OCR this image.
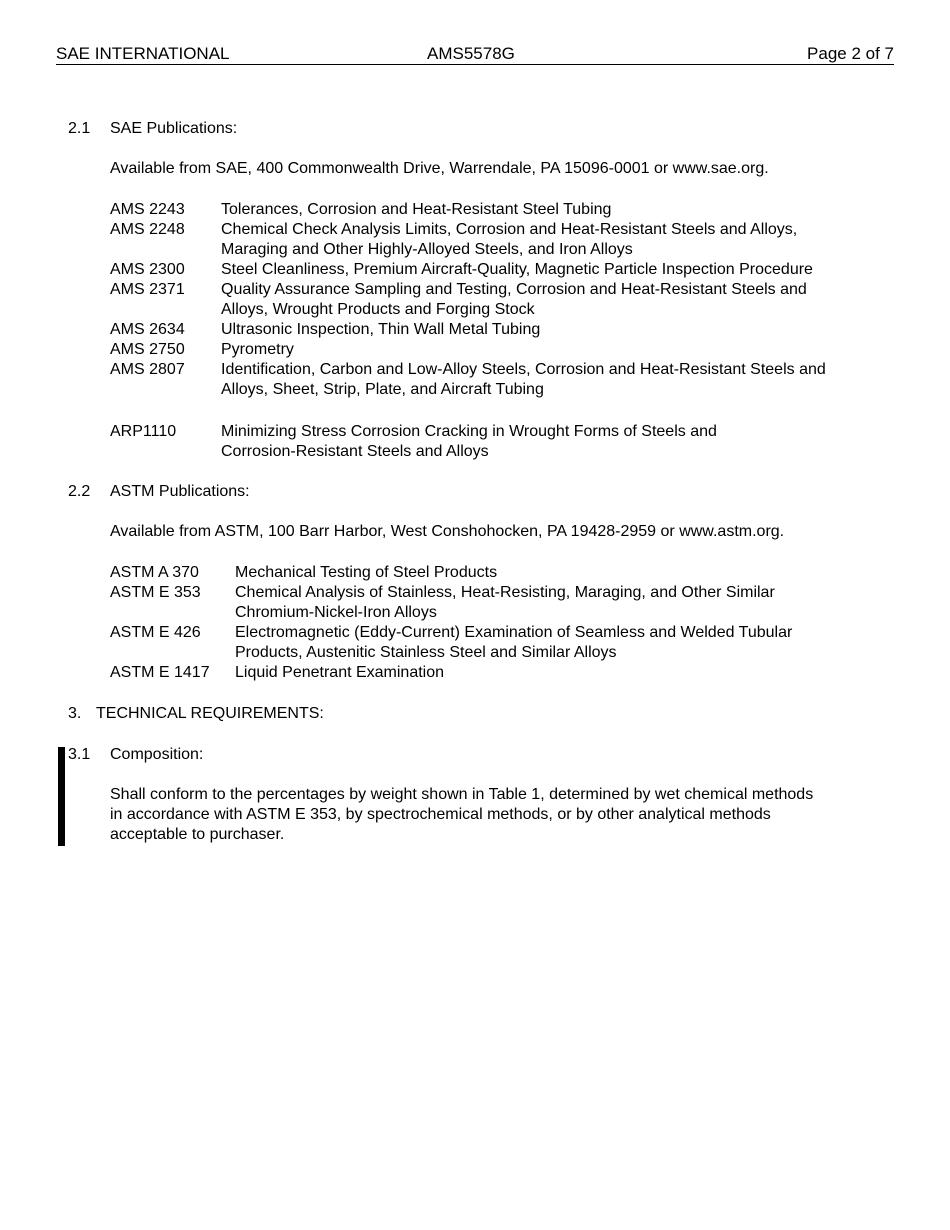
SAE INTERNATIONAL	AMS5578G	Page 2 of 7
2.1 SAE Publications:
Available from SAE, 400 Commonwealth Drive, Warrendale, PA 15096-0001 or www.sae.org.
AMS 2243	Tolerances, Corrosion and Heat-Resistant Steel Tubing
AMS 2248	Chemical Check Analysis Limits, Corrosion and Heat-Resistant Steels and Alloys,
Maraging and Other Highly-Alloyed Steels, and Iron Alloys
AMS 2300	Steel Cleanliness, Premium Aircraft-Quality, Magnetic Particle Inspection Procedure
AMS 2371	Quality Assurance Sampling and Testing, Corrosion and Heat-Resistant Steels and
Alloys, Wrought Products and Forging Stock
AMS 2634	Ultrasonic Inspection, Thin Wall Metal Tubing
AMS 2750	Pyrometry
AMS 2807	Identification, Carbon and Low-Alloy Steels, Corrosion and Heat-Resistant Steels and
Alloys, Sheet, Strip, Plate, and Aircraft Tubing
ARP1110	Minimizing Stress Corrosion Cracking in Wrought Forms of Steels and
Corrosion-Resistant Steels and Alloys
2.2 ASTM Publications:
Available from ASTM, 100 Barr Harbor, West Conshohocken, PA 19428-2959 or www.astm.org.
ASTM A 370	Mechanical Testing of Steel Products
ASTM E 353	Chemical Analysis of Stainless, Heat-Resisting, Maraging, and Other Similar
Chromium-Nickel-Iron Alloys
ASTM E 426	Electromagnetic (Eddy-Current) Examination of Seamless and Welded Tubular
Products, Austenitic Stainless Steel and Similar Alloys
ASTM E 1417	Liquid Penetrant Examination
3. TECHNICAL REQUIREMENTS:
3.1 Composition:
Shall conform to the percentages by weight shown in Table 1, determined by wet chemical methods
in accordance with ASTM E 353, by spectrochemical methods, or by other analytical methods
acceptable to purchaser.
